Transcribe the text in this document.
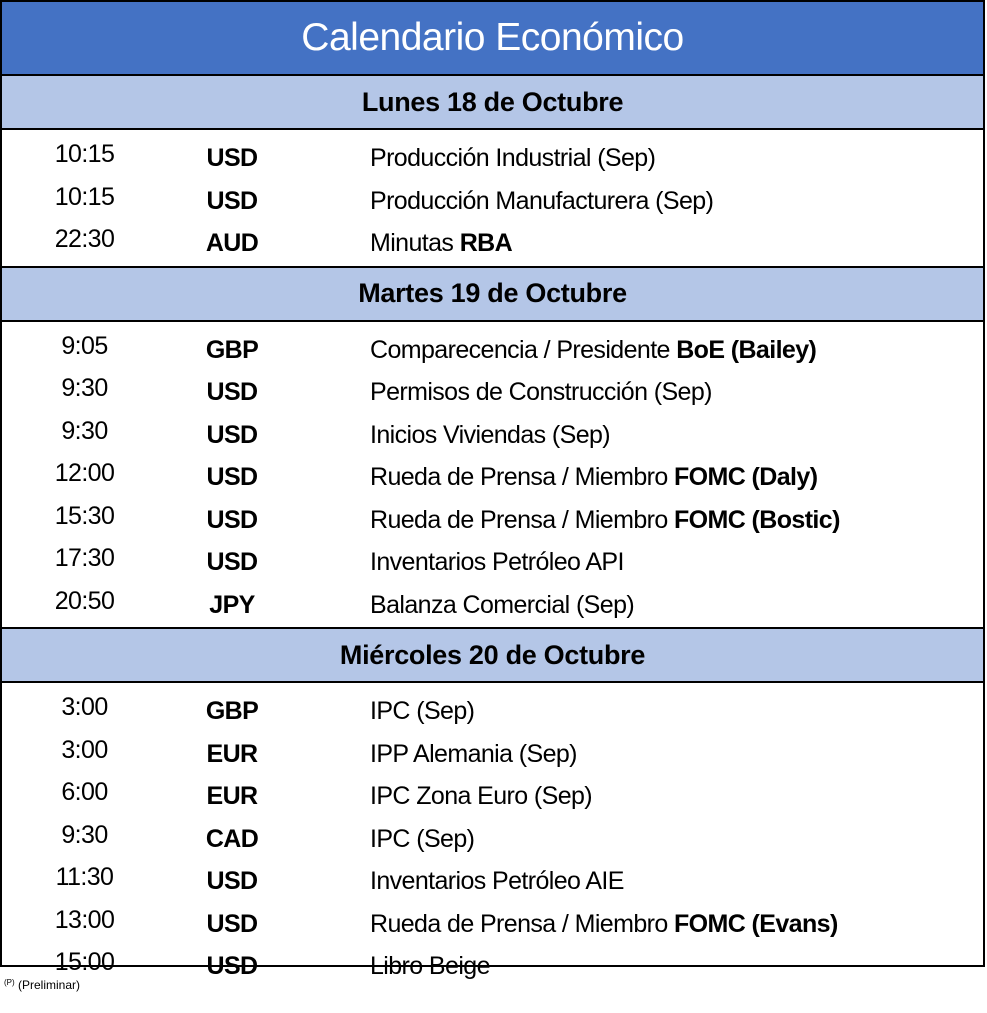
Calendario Económico
Lunes 18 de Octubre
10:15	USD	Producción Industrial (Sep)
10:15	USD	Producción Manufacturera (Sep)
22:30	AUD	Minutas RBA
Martes 19 de Octubre
9:05	GBP	Comparecencia / Presidente BoE (Bailey)
9:30	USD	Permisos de Construcción (Sep)
9:30	USD	Inicios Viviendas (Sep)
12:00	USD	Rueda de Prensa / Miembro FOMC (Daly)
15:30	USD	Rueda de Prensa / Miembro FOMC (Bostic)
17:30	USD	Inventarios Petróleo API
20:50	JPY	Balanza Comercial (Sep)
Miércoles 20 de Octubre
3:00	GBP	IPC (Sep)
3:00	EUR	IPP Alemania (Sep)
6:00	EUR	IPC Zona Euro (Sep)
9:30	CAD	IPC (Sep)
11:30	USD	Inventarios Petróleo AIE
13:00	USD	Rueda de Prensa / Miembro FOMC (Evans)
15:00	USD	Libro Beige
$^{(P)}$ (Preliminar)
